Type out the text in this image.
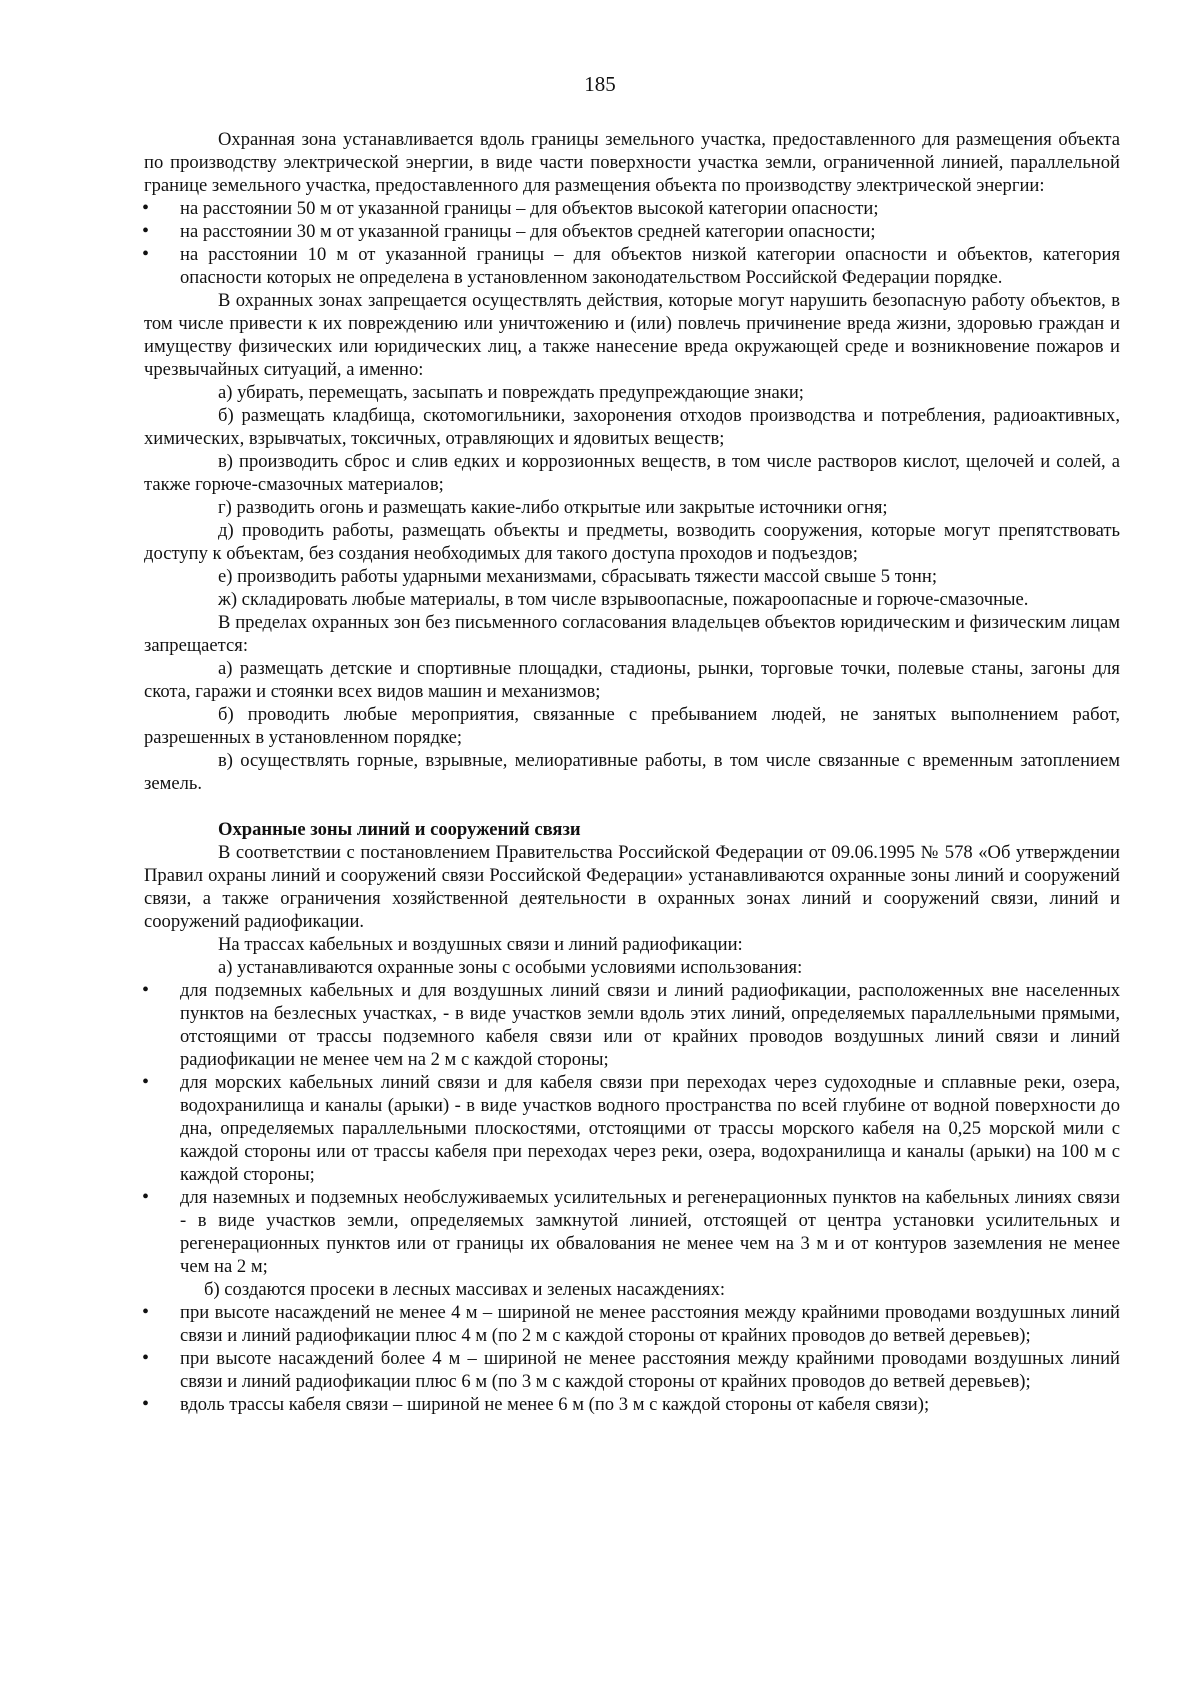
185

Охранная зона устанавливается вдоль границы земельного участка, предоставленного для размещения объекта по производству электрической энергии, в виде части поверхности участка земли, ограниченной линией, параллельной границе земельного участка, предоставленного для размещения объекта по производству электрической энергии:

• на расстоянии 50 м от указанной границы – для объектов высокой категории опасности;
• на расстоянии 30 м от указанной границы – для объектов средней категории опасности;
• на расстоянии 10 м от указанной границы – для объектов низкой категории опасности и объектов, категория опасности которых не определена в установленном законодательством Российской Федерации порядке.

В охранных зонах запрещается осуществлять действия, которые могут нарушить безопасную работу объектов, в том числе привести к их повреждению или уничтожению и (или) повлечь причинение вреда жизни, здоровью граждан и имуществу физических или юридических лиц, а также нанесение вреда окружающей среде и возникновение пожаров и чрезвычайных ситуаций, а именно:

а) убирать, перемещать, засыпать и повреждать предупреждающие знаки;

б) размещать кладбища, скотомогильники, захоронения отходов производства и потребления, радиоактивных, химических, взрывчатых, токсичных, отравляющих и ядовитых веществ;

в) производить сброс и слив едких и коррозионных веществ, в том числе растворов кислот, щелочей и солей, а также горюче-смазочных материалов;

г) разводить огонь и размещать какие-либо открытые или закрытые источники огня;

д) проводить работы, размещать объекты и предметы, возводить сооружения, которые могут препятствовать доступу к объектам, без создания необходимых для такого доступа проходов и подъездов;

е) производить работы ударными механизмами, сбрасывать тяжести массой свыше 5 тонн;

ж) складировать любые материалы, в том числе взрывоопасные, пожароопасные и горюче-смазочные.

В пределах охранных зон без письменного согласования владельцев объектов юридическим и физическим лицам запрещается:

а) размещать детские и спортивные площадки, стадионы, рынки, торговые точки, полевые станы, загоны для скота, гаражи и стоянки всех видов машин и механизмов;

б) проводить любые мероприятия, связанные с пребыванием людей, не занятых выполнением работ, разрешенных в установленном порядке;

в) осуществлять горные, взрывные, мелиоративные работы, в том числе связанные с временным затоплением земель.

Охранные зоны линий и сооружений связи

В соответствии с постановлением Правительства Российской Федерации от 09.06.1995 № 578 «Об утверждении Правил охраны линий и сооружений связи Российской Федерации» устанавливаются охранные зоны линий и сооружений связи, а также ограничения хозяйственной деятельности в охранных зонах линий и сооружений связи, линий и сооружений радиофикации.

На трассах кабельных и воздушных связи и линий радиофикации:

а) устанавливаются охранные зоны с особыми условиями использования:

• для подземных кабельных и для воздушных линий связи и линий радиофикации, расположенных вне населенных пунктов на безлесных участках, - в виде участков земли вдоль этих линий, определяемых параллельными прямыми, отстоящими от трассы подземного кабеля связи или от крайних проводов воздушных линий связи и линий радиофикации не менее чем на 2 м с каждой стороны;
• для морских кабельных линий связи и для кабеля связи при переходах через судоходные и сплавные реки, озера, водохранилища и каналы (арыки) - в виде участков водного пространства по всей глубине от водной поверхности до дна, определяемых параллельными плоскостями, отстоящими от трассы морского кабеля на 0,25 морской мили с каждой стороны или от трассы кабеля при переходах через реки, озера, водохранилища и каналы (арыки) на 100 м с каждой стороны;
• для наземных и подземных необслуживаемых усилительных и регенерационных пунктов на кабельных линиях связи - в виде участков земли, определяемых замкнутой линией, отстоящей от центра установки усилительных и регенерационных пунктов или от границы их обвалования не менее чем на 3 м и от контуров заземления не менее чем на 2 м;

б) создаются просеки в лесных массивах и зеленых насаждениях:

• при высоте насаждений не менее 4 м – шириной не менее расстояния между крайними проводами воздушных линий связи и линий радиофикации плюс 4 м (по 2 м с каждой стороны от крайних проводов до ветвей деревьев);
• при высоте насаждений более 4 м – шириной не менее расстояния между крайними проводами воздушных линий связи и линий радиофикации плюс 6 м (по 3 м с каждой стороны от крайних проводов до ветвей деревьев);
• вдоль трассы кабеля связи – шириной не менее 6 м (по 3 м с каждой стороны от кабеля связи);
